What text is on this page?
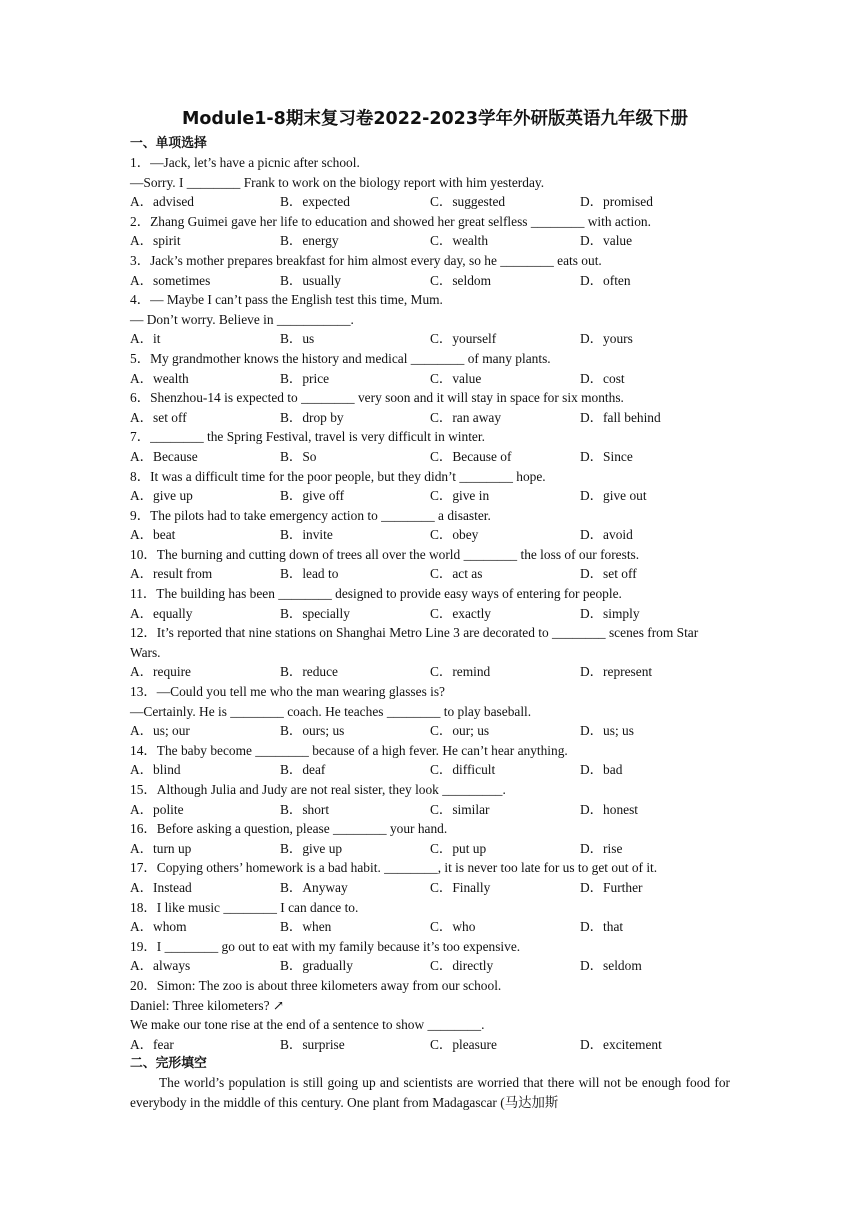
Module1-8期末复习卷2022-2023学年外研版英语九年级下册
一、单项选择
1．—Jack, let’s have a picnic after school.
—Sorry. I ________ Frank to work on the biology report with him yesterday.
A．advised	B．expected	C．suggested	D．promised
2．Zhang Guimei gave her life to education and showed her great selfless ________ with action.
A．spirit	B．energy	C．wealth	D．value
3．Jack’s mother prepares breakfast for him almost every day, so he ________ eats out.
A．sometimes	B．usually	C．seldom	D．often
4．— Maybe I can’t pass the English test this time, Mum.
— Don’t worry. Believe in ___________.
A．it	B．us	C．yourself	D．yours
5．My grandmother knows the history and medical ________ of many plants.
A．wealth	B．price	C．value	D．cost
6．Shenzhou-14 is expected to ________ very soon and it will stay in space for six months.
A．set off	B．drop by	C．ran away	D．fall behind
7．________ the Spring Festival, travel is very difficult in winter.
A．Because	B．So	C．Because of	D．Since
8．It was a difficult time for the poor people, but they didn’t ________ hope.
A．give up	B．give off	C．give in	D．give out
9．The pilots had to take emergency action to ________ a disaster.
A．beat	B．invite	C．obey	D．avoid
10．The burning and cutting down of trees all over the world ________ the loss of our forests.
A．result from	B．lead to	C．act as	D．set off
11．The building has been ________ designed to provide easy ways of entering for people.
A．equally	B．specially	C．exactly	D．simply
12．It’s reported that nine stations on Shanghai Metro Line 3 are decorated to ________ scenes from Star Wars.
A．require	B．reduce	C．remind	D．represent
13．—Could you tell me who the man wearing glasses is?
—Certainly. He is ________ coach. He teaches ________ to play baseball.
A．us; our	B．ours; us	C．our; us	D．us; us
14．The baby become ________ because of a high fever. He can’t hear anything.
A．blind	B．deaf	C．difficult	D．bad
15．Although Julia and Judy are not real sister, they look _________.
A．polite	B．short	C．similar	D．honest
16．Before asking a question, please ________ your hand.
A．turn up	B．give up	C．put up	D．rise
17．Copying others’ homework is a bad habit. ________, it is never too late for us to get out of it.
A．Instead	B．Anyway	C．Finally	D．Further
18．I like music ________ I can dance to.
A．whom	B．when	C．who	D．that
19．I ________ go out to eat with my family because it’s too expensive.
A．always	B．gradually	C．directly	D．seldom
20．Simon: The zoo is about three kilometers away from our school.
Daniel: Three kilometers? ↗
We make our tone rise at the end of a sentence to show ________.
A．fear	B．surprise	C．pleasure	D．excitement
二、完形填空
The world’s population is still going up and scientists are worried that there will not be enough food for everybody in the middle of this century. One plant from Madagascar (马达加斯
